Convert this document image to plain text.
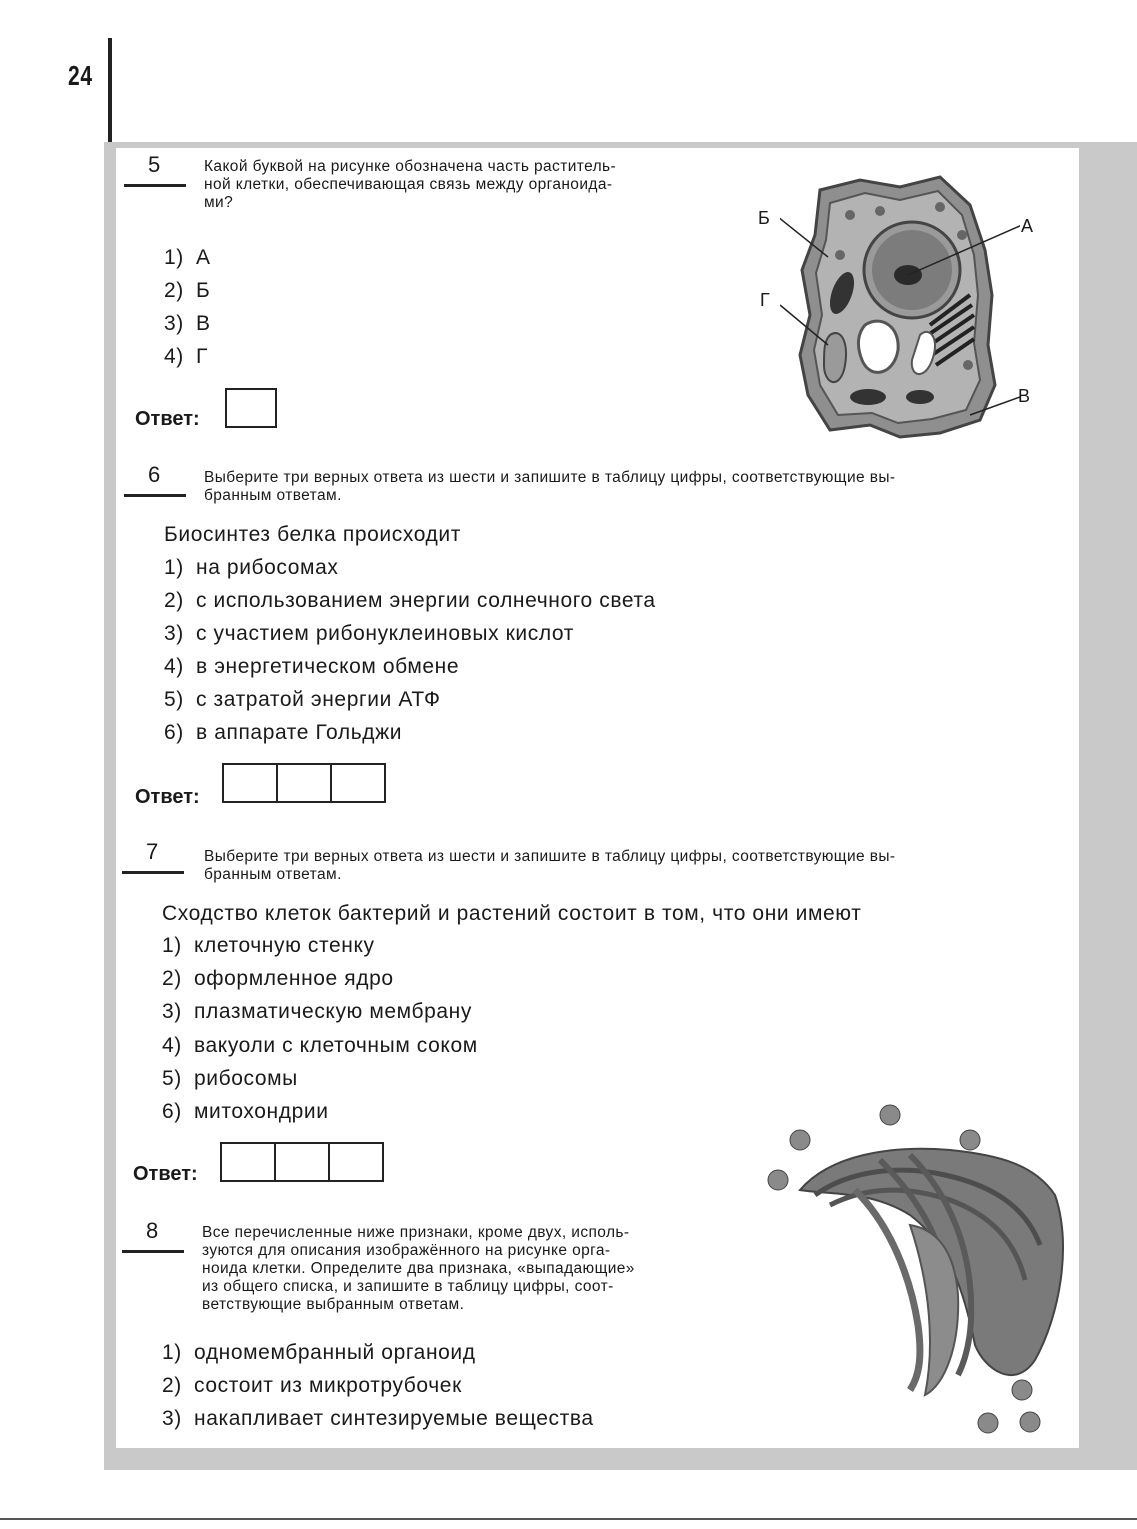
24
5	Какой буквой на рисунке обозначена часть раститель-
ной клетки, обеспечивающая связь между органоида-
ми?
1) А
2) Б
3) В
4) Г
Ответ:
А
Б
В
Г
6	Выберите три верных ответа из шести и запишите в таблицу цифры, соответствующие вы-
бранным ответам.
Биосинтез белка происходит
1) на рибосомах
2) с использованием энергии солнечного света
3) с участием рибонуклеиновых кислот
4) в энергетическом обмене
5) с затратой энергии АТФ
6) в аппарате Гольджи
Ответ:
7	Выберите три верных ответа из шести и запишите в таблицу цифры, соответствующие вы-
бранным ответам.
Сходство клеток бактерий и растений состоит в том, что они имеют
1) клеточную стенку
2) оформленное ядро
3) плазматическую мембрану
4) вакуоли с клеточным соком
5) рибосомы
6) митохондрии
Ответ:
8	Все перечисленные ниже признаки, кроме двух, исполь-
зуются для описания изображённого на рисунке орга-
ноида клетки. Определите два признака, «выпадающие»
из общего списка, и запишите в таблицу цифры, соот-
ветствующие выбранным ответам.
1) одномембранный органоид
2) состоит из микротрубочек
3) накапливает синтезируемые вещества
